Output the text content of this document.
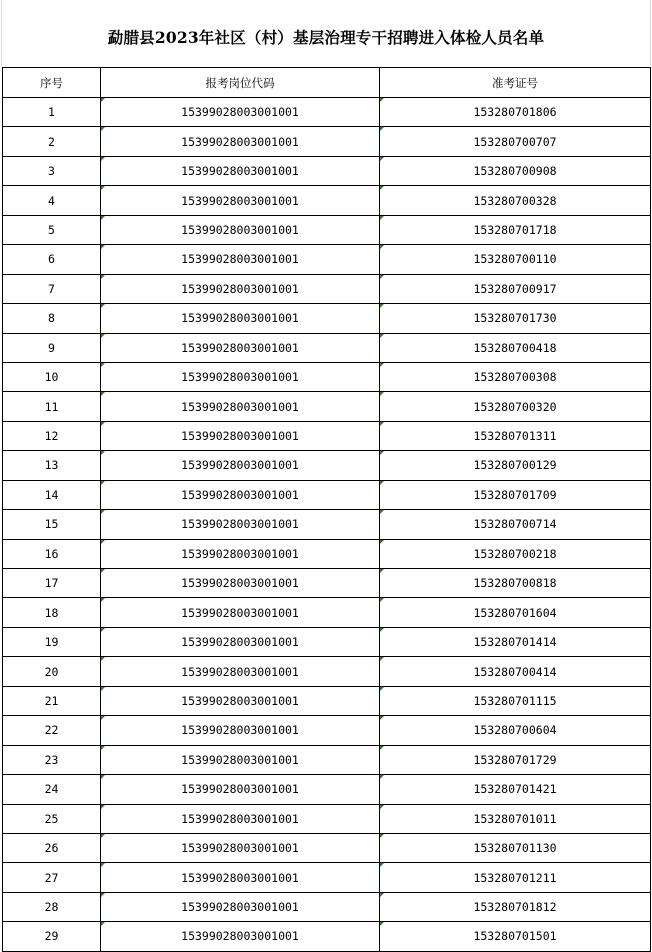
勐腊县2023年社区（村）基层治理专干招聘进入体检人员名单
序号	报考岗位代码	准考证号
1	15399028003001001	153280701806

2	15399028003001001	153280700707

3	15399028003001001	153280700908

4	15399028003001001	153280700328

5	15399028003001001	153280701718

6	15399028003001001	153280700110

7	15399028003001001	153280700917

8	15399028003001001	153280701730

9	15399028003001001	153280700418

10	15399028003001001	153280700308

11	15399028003001001	153280700320

12	15399028003001001	153280701311

13	15399028003001001	153280700129

14	15399028003001001	153280701709

15	15399028003001001	153280700714

16	15399028003001001	153280700218

17	15399028003001001	153280700818

18	15399028003001001	153280701604

19	15399028003001001	153280701414

20	15399028003001001	153280700414

21	15399028003001001	153280701115

22	15399028003001001	153280700604

23	15399028003001001	153280701729

24	15399028003001001	153280701421

25	15399028003001001	153280701011

26	15399028003001001	153280701130

27	15399028003001001	153280701211

28	15399028003001001	153280701812

29	15399028003001001	153280701501
